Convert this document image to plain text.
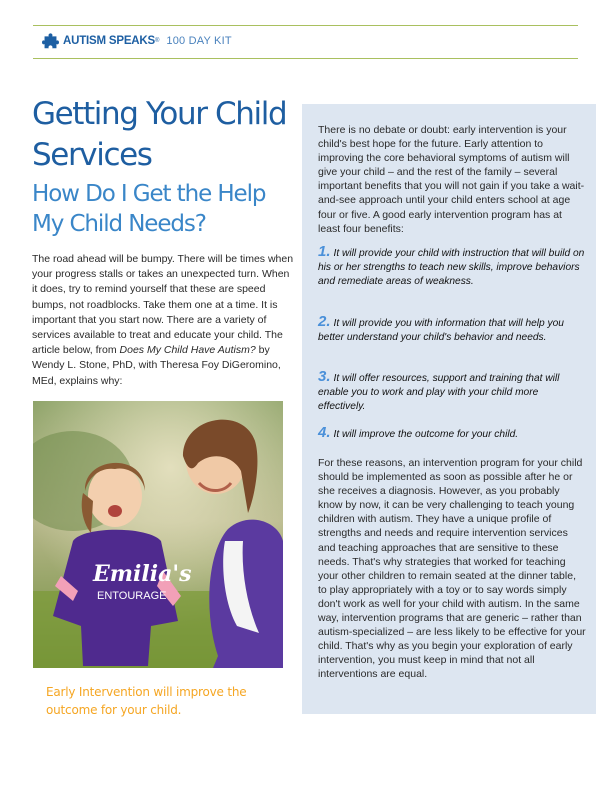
AUTISM SPEAKS ® 100 DAY KIT
Getting Your Child Services
How Do I Get the Help My Child Needs?

The road ahead will be bumpy. There will be times when your progress stalls or takes an unexpected turn. When it does, try to remind yourself that these are speed bumps, not roadblocks. Take them one at a time. It is important that you start now. There are a variety of services available to treat and educate your child. The article below, from Does My Child Have Autism? by Wendy L. Stone, PhD, with Theresa Foy DiGeromino, MEd, explains why:

Emilia's
ENTOURAGE

Early Intervention will improve the outcome for your child.

There is no debate or doubt: early intervention is your child's best hope for the future. Early attention to improving the core behavioral symptoms of autism will give your child – and the rest of the family – several important benefits that you will not gain if you take a wait-and-see approach until your child enters school at age four or five. A good early intervention program has at least four benefits:

1. It will provide your child with instruction that will build on his or her strengths to teach new skills, improve behaviors and remediate areas of weakness.

2. It will provide you with information that will help you better understand your child's behavior and needs.

3. It will offer resources, support and training that will enable you to work and play with your child more effectively.

4. It will improve the outcome for your child.

For these reasons, an intervention program for your child should be implemented as soon as possible after he or she receives a diagnosis. However, as you probably know by now, it can be very challenging to teach young children with autism. They have a unique profile of strengths and needs and require intervention services and teaching approaches that are sensitive to these needs. That's why strategies that worked for teaching your other children to remain seated at the dinner table, to play appropriately with a toy or to say words simply don't work as well for your child with autism. In the same way, intervention programs that are generic – rather than autism-specialized – are less likely to be effective for your child. That's why as you begin your exploration of early intervention, you must keep in mind that not all interventions are equal.
